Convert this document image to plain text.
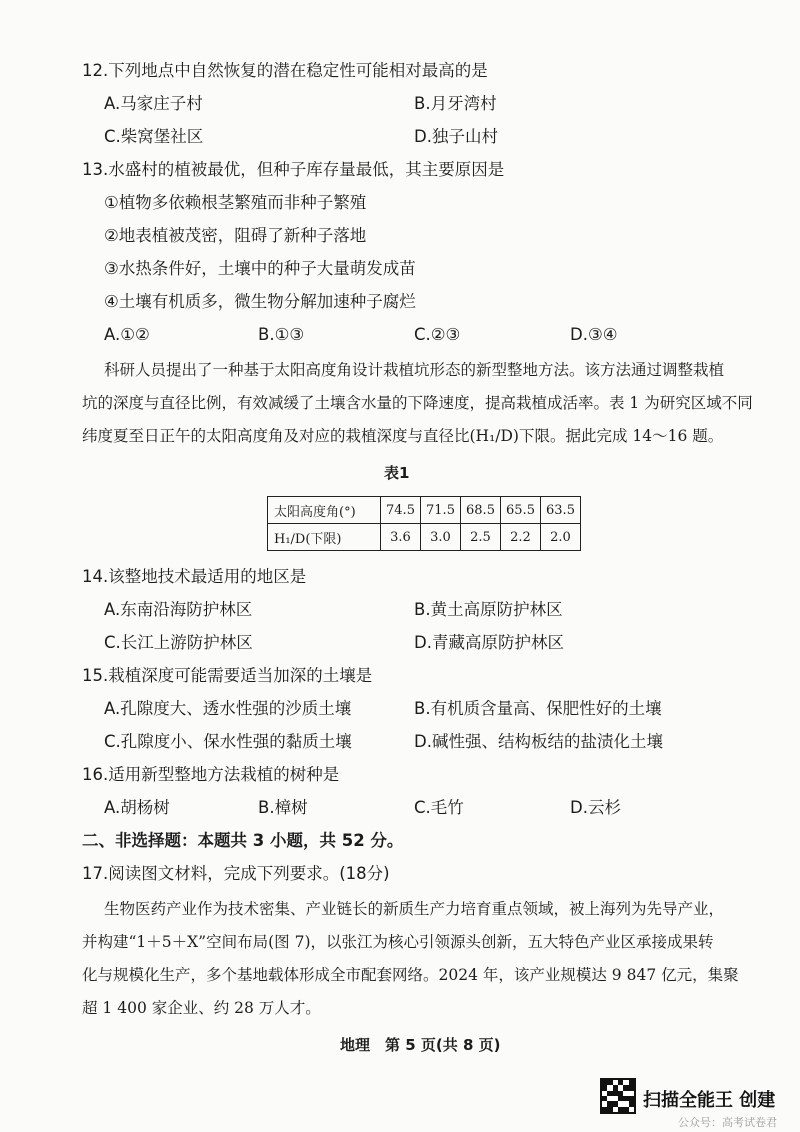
12.下列地点中自然恢复的潜在稳定性可能相对最高的是
A.马家庄子村	B.月牙湾村
C.柴窝堡社区	D.独子山村
13.水盛村的植被最优，但种子库存量最低，其主要原因是
①植物多依赖根茎繁殖而非种子繁殖
②地表植被茂密，阻碍了新种子落地
③水热条件好，土壤中的种子大量萌发成苗
④土壤有机质多，微生物分解加速种子腐烂
A.①②	B.①③	C.②③	D.③④
科研人员提出了一种基于太阳高度角设计栽植坑形态的新型整地方法。该方法通过调整栽植
坑的深度与直径比例，有效减缓了土壤含水量的下降速度，提高栽植成活率。表 1 为研究区域不同
纬度夏至日正午的太阳高度角及对应的栽植深度与直径比(H₁/D)下限。据此完成 14～16 题。
表1
太阳高度角(°)	74.5	71.5	68.5	65.5	63.5
H₁/D(下限)	3.6	3.0	2.5	2.2	2.0
14.该整地技术最适用的地区是
A.东南沿海防护林区	B.黄土高原防护林区
C.长江上游防护林区	D.青藏高原防护林区
15.栽植深度可能需要适当加深的土壤是
A.孔隙度大、透水性强的沙质土壤	B.有机质含量高、保肥性好的土壤
C.孔隙度小、保水性强的黏质土壤	D.碱性强、结构板结的盐渍化土壤
16.适用新型整地方法栽植的树种是
A.胡杨树	B.樟树	C.毛竹	D.云杉
二、非选择题：本题共 3 小题，共 52 分。
17.阅读图文材料，完成下列要求。(18分)
生物医药产业作为技术密集、产业链长的新质生产力培育重点领域，被上海列为先导产业，
并构建“1＋5＋X”空间布局(图 7)，以张江为核心引领源头创新，五大特色产业区承接成果转
化与规模化生产，多个基地载体形成全市配套网络。2024 年，该产业规模达 9 847 亿元，集聚
超 1 400 家企业、约 28 万人才。
地理　第 5 页(共 8 页)
扫描全能王 创建
公众号：高考试卷君
